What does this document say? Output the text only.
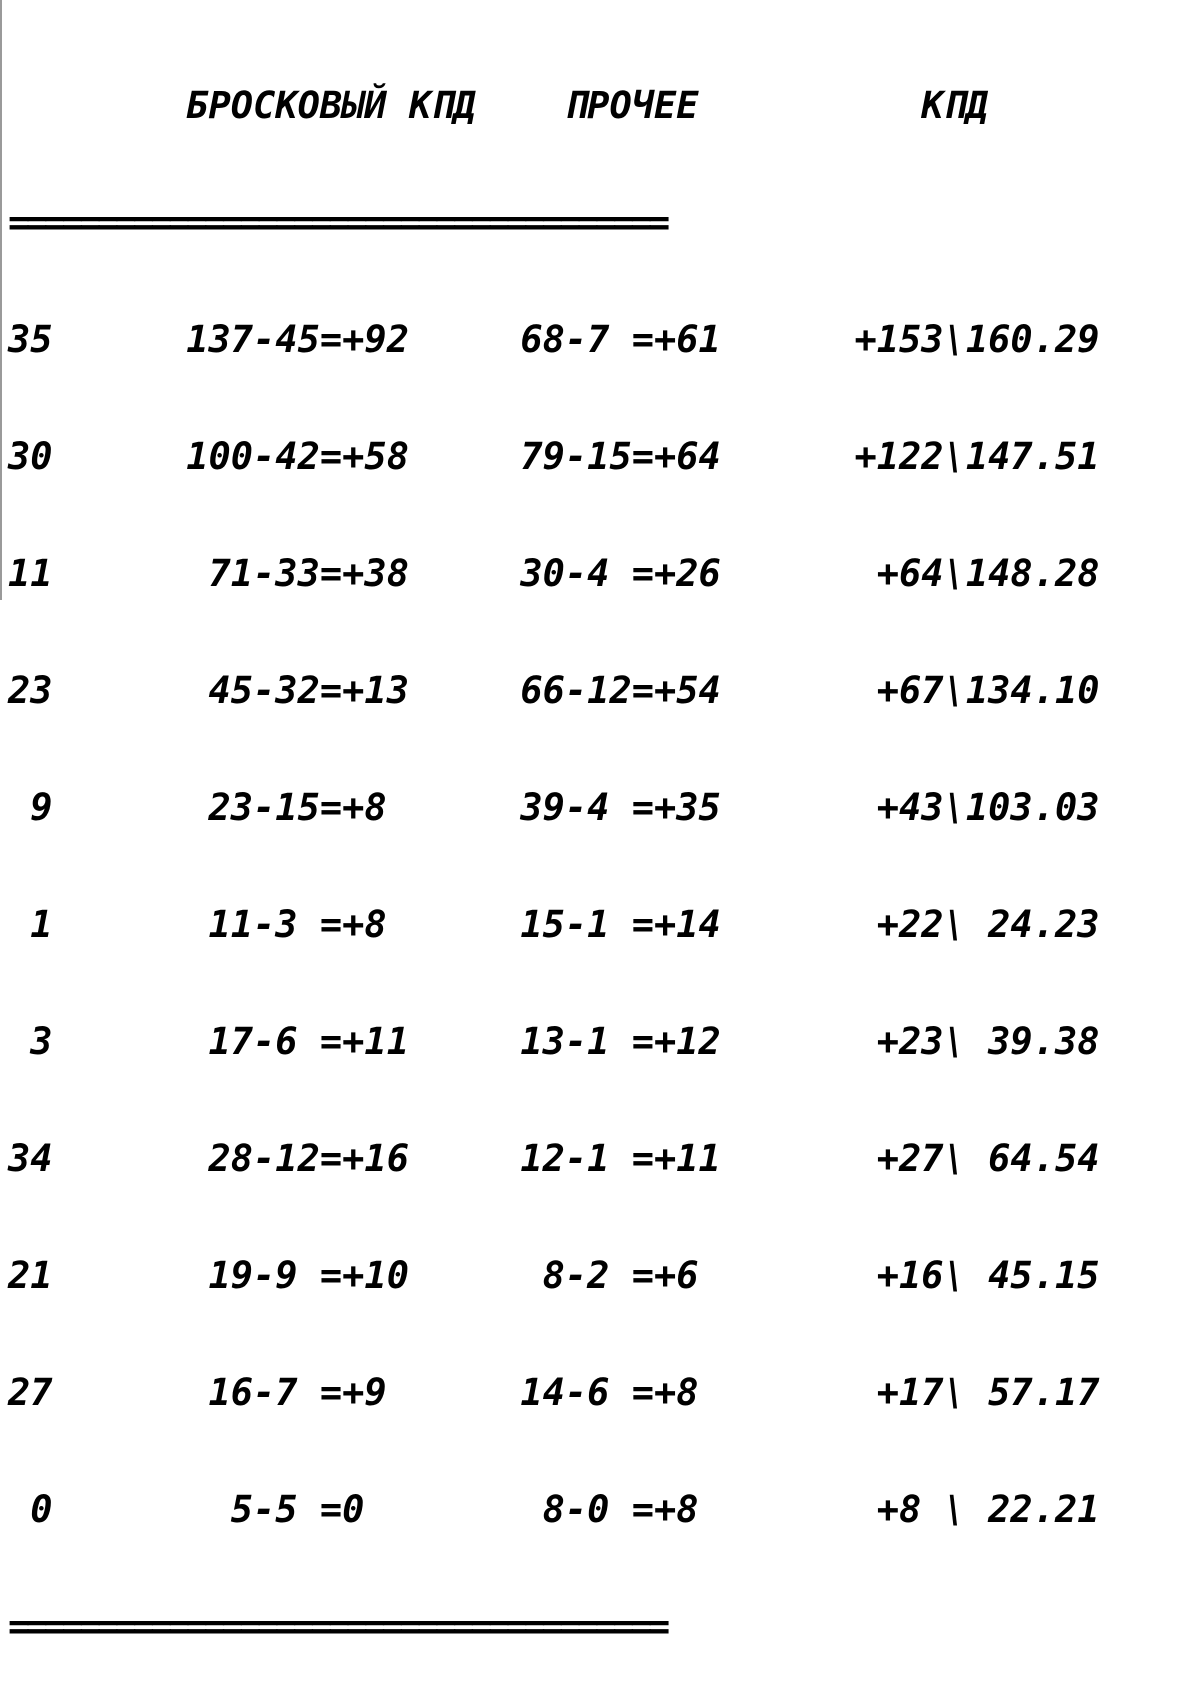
БРОСКОВЫЙ КПД    ПРОЧЕЕ          КПД

=====================================

35      137-45=+92     68-7 =+61      +153\160.29

30      100-42=+58     79-15=+64      +122\147.51

11       71-33=+38     30-4 =+26       +64\148.28

23       45-32=+13     66-12=+54       +67\134.10

9       23-15=+8      39-4 =+35       +43\103.03

1       11-3 =+8      15-1 =+14       +22\ 24.23

3       17-6 =+11     13-1 =+12       +23\ 39.38

34       28-12=+16     12-1 =+11       +27\ 64.54

21       19-9 =+10      8-2 =+6        +16\ 45.15

27       16-7 =+9      14-6 =+8        +17\ 57.17

0        5-5 =0        8-0 =+8        +8 \ 22.21

=====================================
